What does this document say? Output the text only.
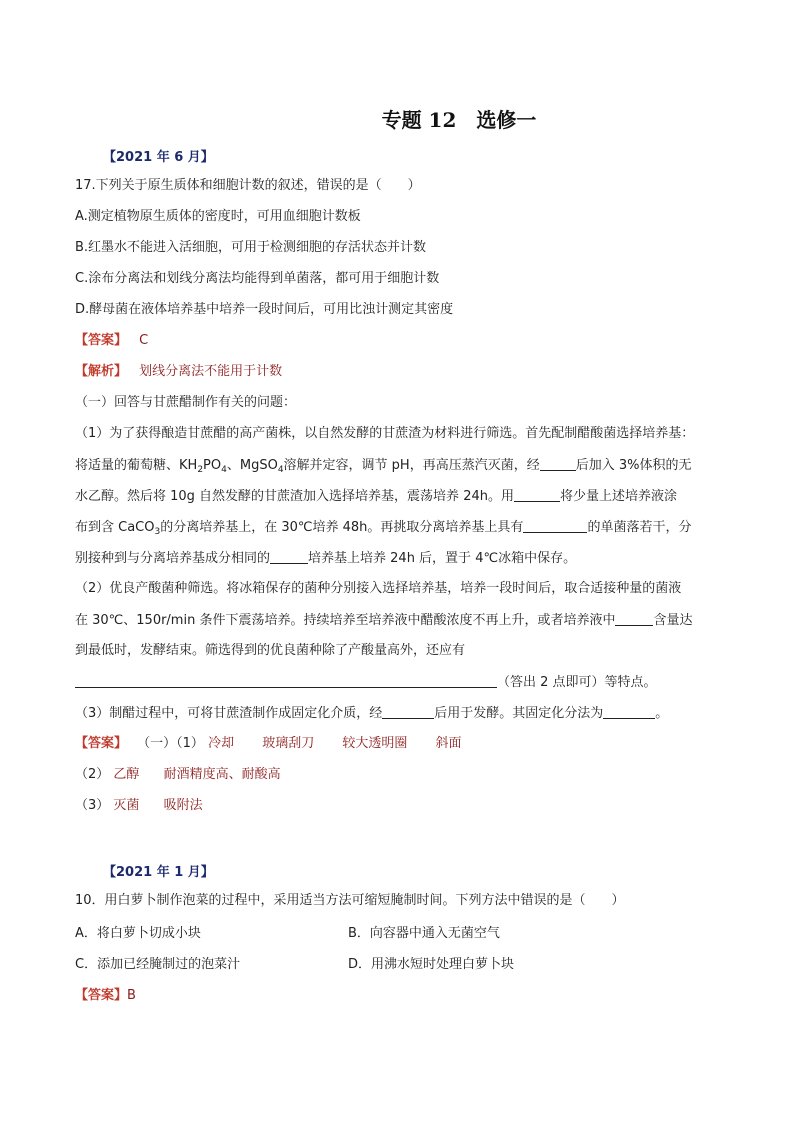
专题 12　选修一
【2021 年 6 月】
17.下列关于原生质体和细胞计数的叙述，错误的是（　　）
A.测定植物原生质体的密度时，可用血细胞计数板
B.红墨水不能进入活细胞，可用于检测细胞的存活状态并计数
C.涂布分离法和划线分离法均能得到单菌落，都可用于细胞计数
D.酵母菌在液体培养基中培养一段时间后，可用比浊计测定其密度
【答案】 C
【解析】 划线分离法不能用于计数
（一）回答与甘蔗醋制作有关的问题：
（1）为了获得酿造甘蔗醋的高产菌株，以自然发酵的甘蔗渣为材料进行筛选。首先配制醋酸菌选择培养基：
将适量的葡萄糖、$KH_2PO_4$、MgSO$_4$溶解并定容，调节 pH，再高压蒸汽灭菌，经	后加入 3%体积的无
水乙醇。然后将 10g 自然发酵的甘蔗渣加入选择培养基，震荡培养 24h。用	将少量上述培养液涂
布到含 CaCO$_3$的分离培养基上，在 30℃培养 48h。再挑取分离培养基上具有	的单菌落若干，分
别接种到与分离培养基成分相同的	培养基上培养 24h 后，置于 4℃冰箱中保存。
（2）优良产酸菌种筛选。将冰箱保存的菌种分别接入选择培养基，培养一段时间后，取合适接种量的菌液
在 30℃、150r/min 条件下震荡培养。持续培养至培养液中醋酸浓度不再上升，或者培养液中	含量达
到最低时，发酵结束。筛选得到的优良菌种除了产酸量高外，还应有
（答出 2 点即可）等特点。
（3）制醋过程中，可将甘蔗渣制作成固定化介质，经	后用于发酵。其固定化分法为	。
【答案】 （一）（1） 冷却 玻璃刮刀 较大透明圈 斜面
（2） 乙醇 耐酒精度高、耐酸高
（3） 灭菌 吸附法
【2021 年 1 月】
10．用白萝卜制作泡菜的过程中，采用适当方法可缩短腌制时间。下列方法中错误的是（　　）
A．将白萝卜切成小块	B．向容器中通入无菌空气
C．添加已经腌制过的泡菜汁	D．用沸水短时处理白萝卜块
【答案】B
